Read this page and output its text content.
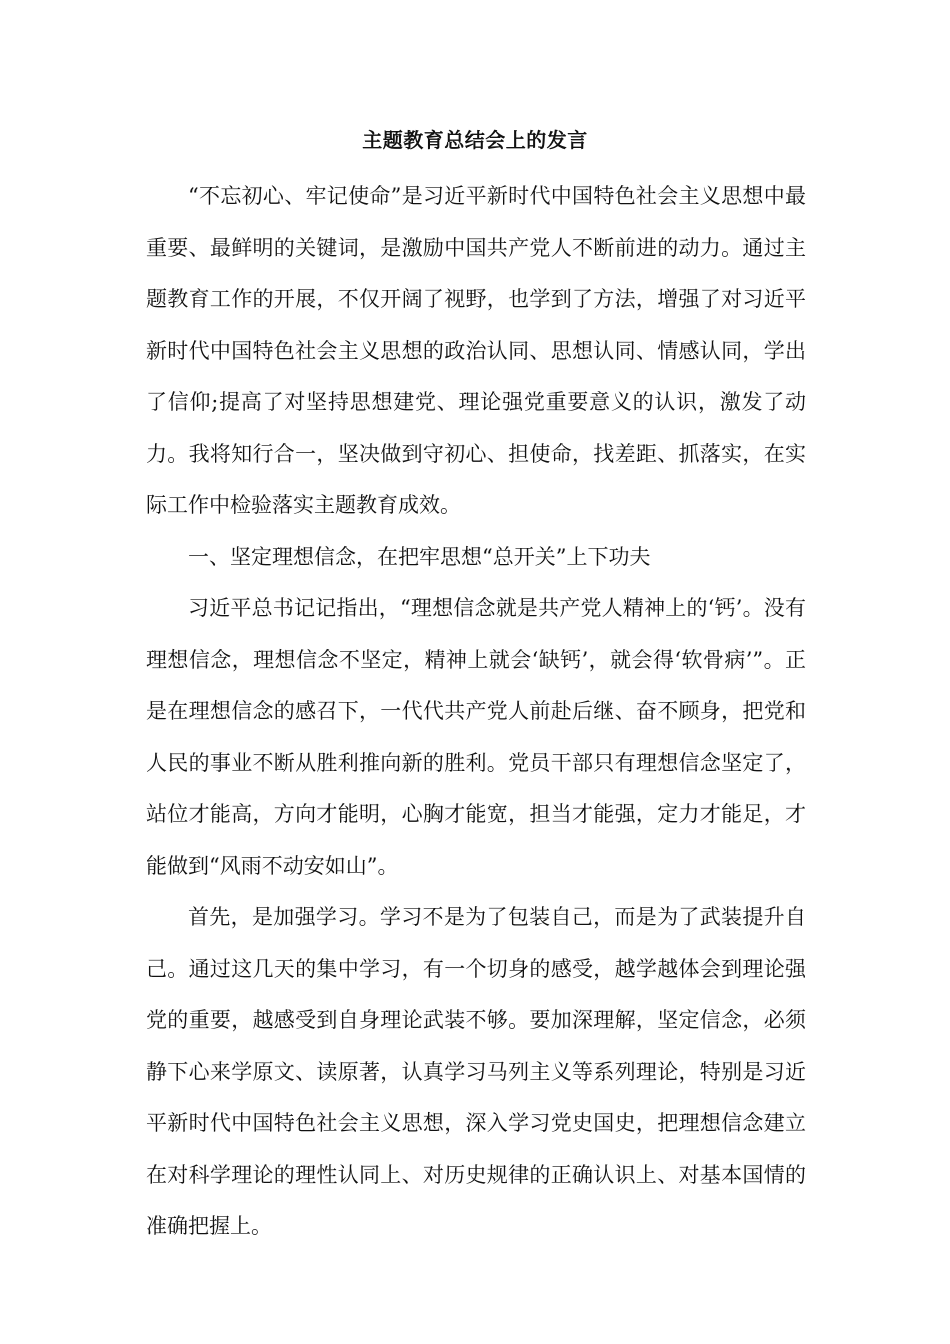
主题教育总结会上的发言

“不忘初心、牢记使命”是习近平新时代中国特色社会主义思想中最重要、最鲜明的关键词，是激励中国共产党人不断前进的动力。通过主题教育工作的开展，不仅开阔了视野，也学到了方法，增强了对习近平新时代中国特色社会主义思想的政治认同、思想认同、情感认同，学出了信仰;提高了对坚持思想建党、理论强党重要意义的认识，激发了动力。我将知行合一，坚决做到守初心、担使命，找差距、抓落实，在实际工作中检验落实主题教育成效。

一、坚定理想信念，在把牢思想“总开关”上下功夫

习近平总书记记指出，“理想信念就是共产党人精神上的‘钙’。没有理想信念，理想信念不坚定，精神上就会‘缺钙’，就会得‘软骨病’”。正是在理想信念的感召下，一代代共产党人前赴后继、奋不顾身，把党和人民的事业不断从胜利推向新的胜利。党员干部只有理想信念坚定了，站位才能高，方向才能明，心胸才能宽，担当才能强，定力才能足，才能做到“风雨不动安如山”。

首先，是加强学习。学习不是为了包装自己，而是为了武装提升自己。通过这几天的集中学习，有一个切身的感受，越学越体会到理论强党的重要，越感受到自身理论武装不够。要加深理解，坚定信念，必须静下心来学原文、读原著，认真学习马列主义等系列理论，特别是习近平新时代中国特色社会主义思想，深入学习党史国史，把理想信念建立在对科学理论的理性认同上、对历史规律的正确认识上、对基本国情的准确把握上。
